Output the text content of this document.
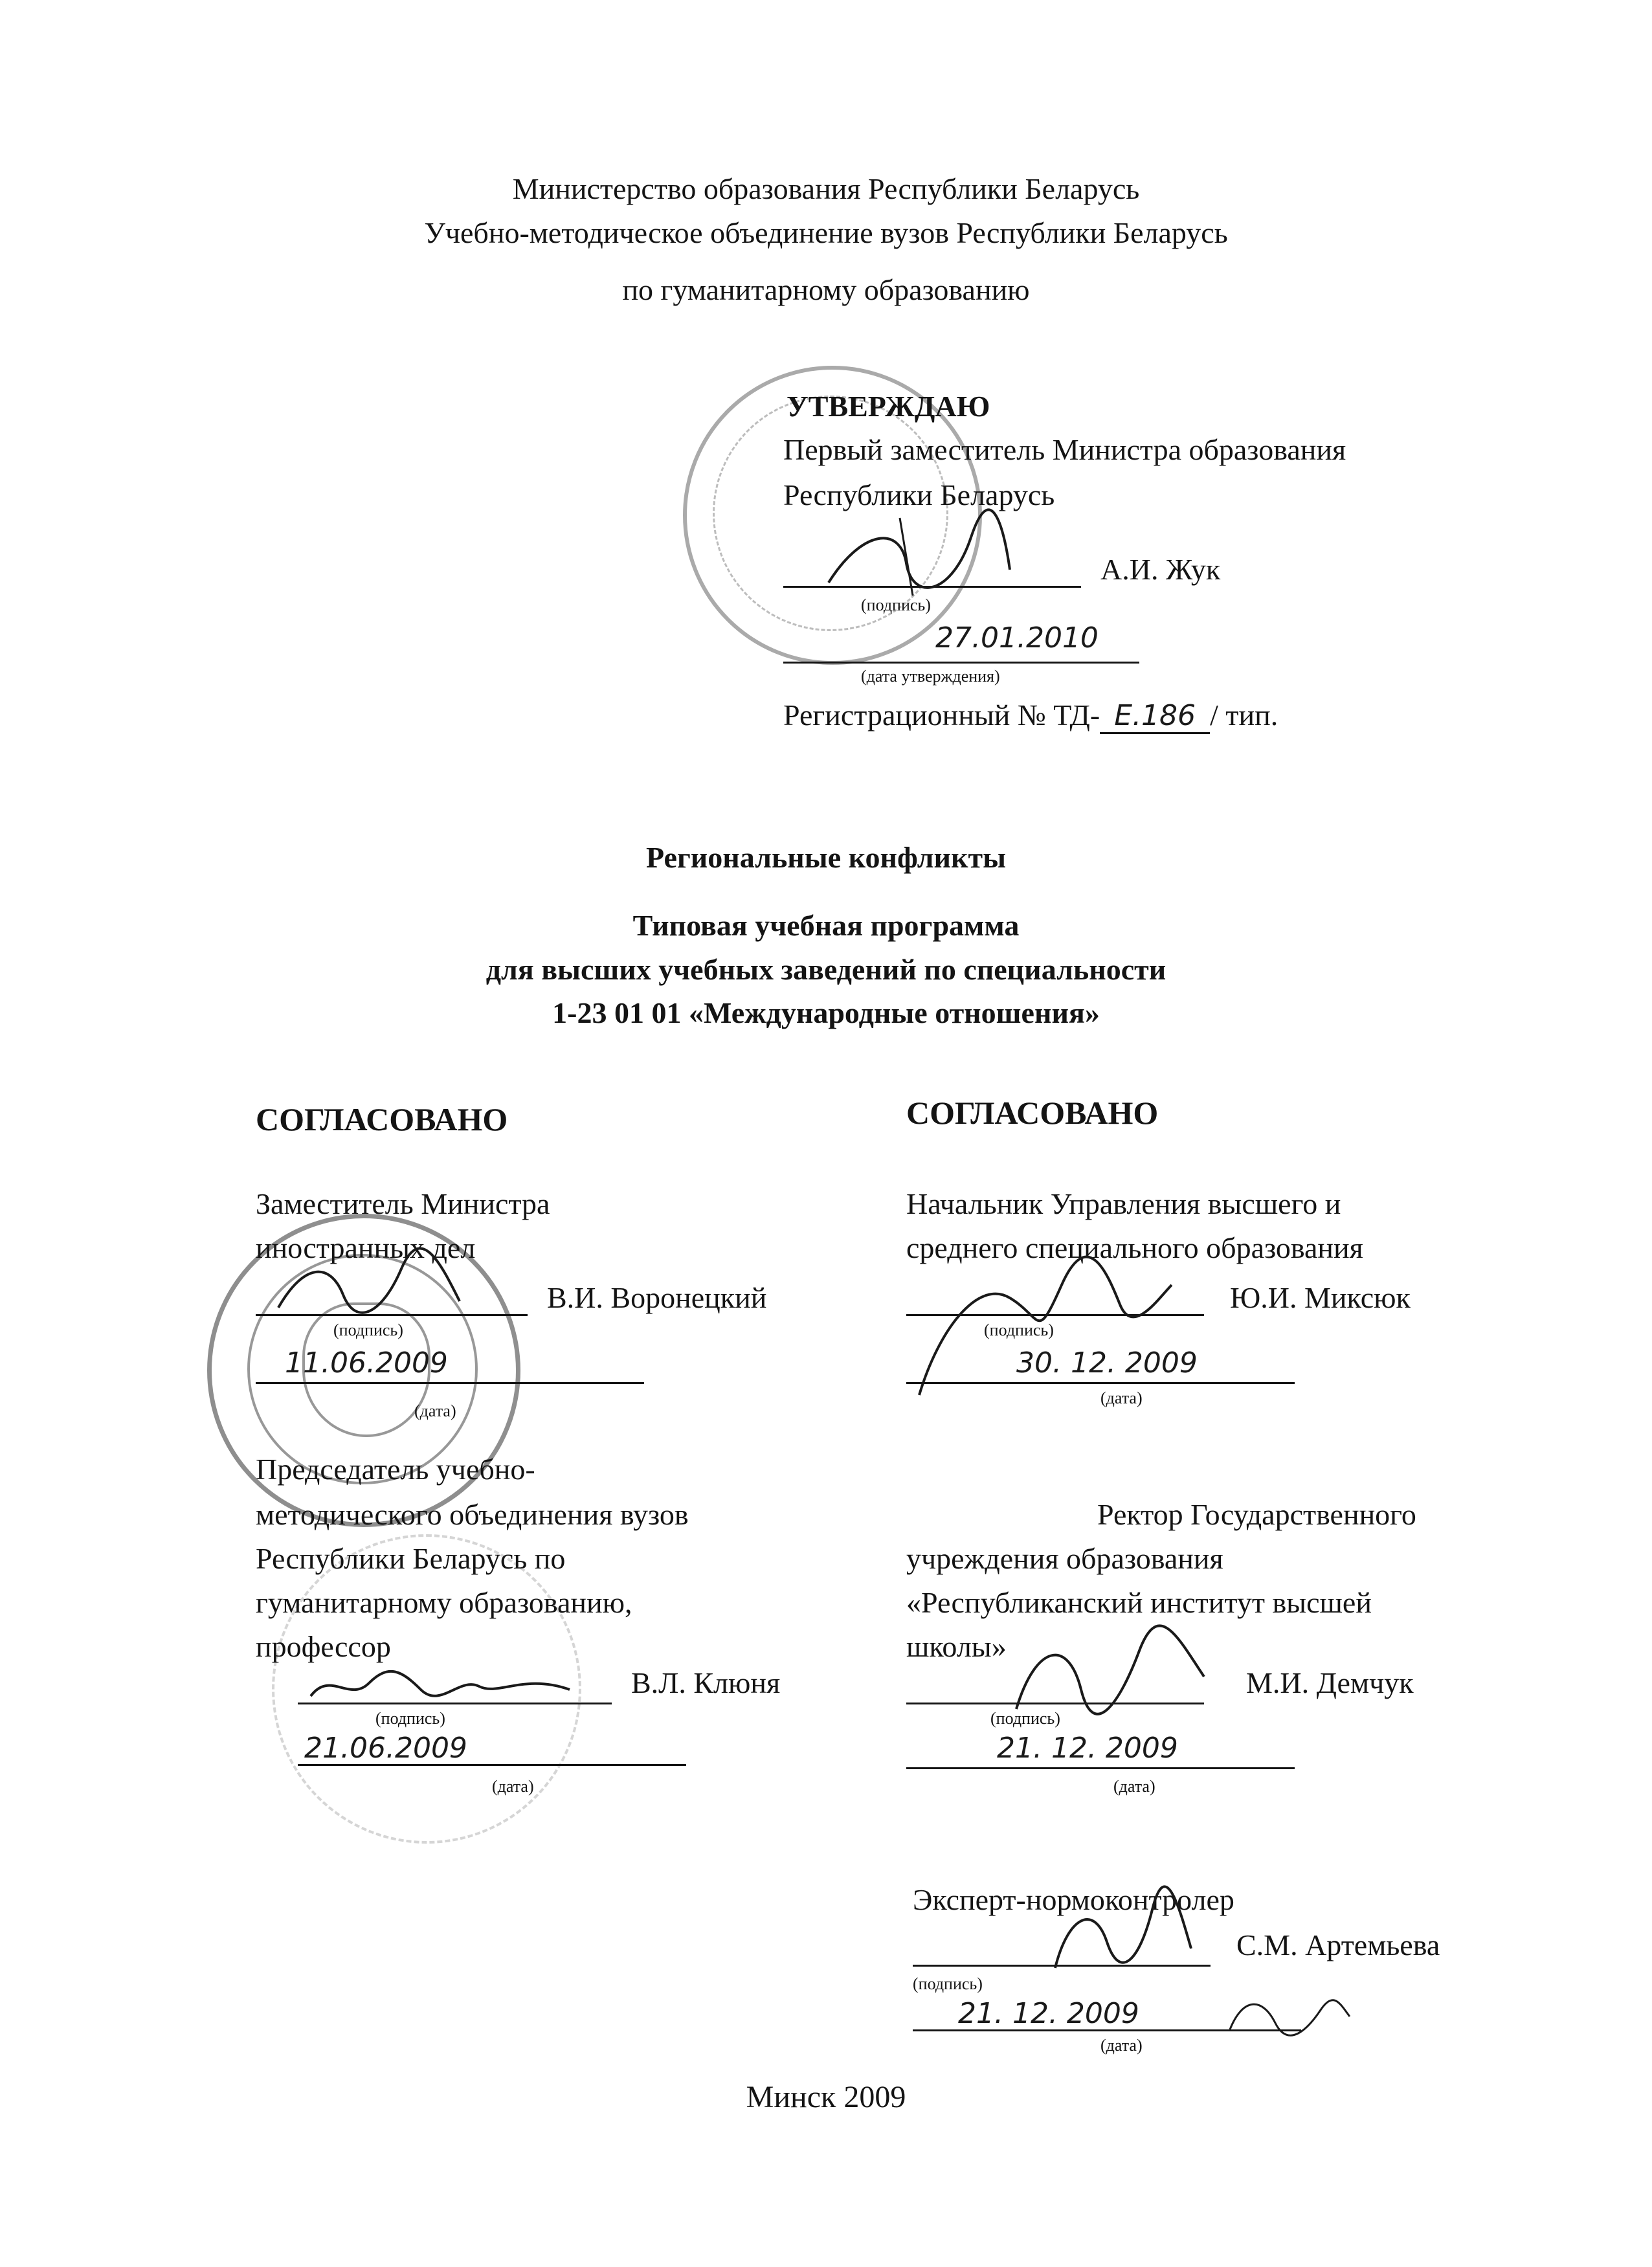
Министерство образования Республики Беларусь
Учебно-методическое объединение вузов Республики Беларусь
по гуманитарному образованию
УТВЕРЖДАЮ
Первый заместитель Министра образования
Республики Беларусь
А.И. Жук
(подпись)
27.01.2010
(дата утверждения)
Регистрационный № ТД- Е.186 / тип.
Региональные конфликты
Типовая учебная программа
для высших учебных заведений по специальности
1-23 01 01 «Международные отношения»
СОГЛАСОВАНО
Заместитель Министра
иностранных дел
В.И. Воронецкий
(подпись)
11.06.2009
(дата)
Председатель учебно-
методического объединения вузов
Республики Беларусь по
гуманитарному образованию,
профессор
В.Л. Клюня
(подпись)
21.06.2009
(дата)
СОГЛАСОВАНО
Начальник Управления высшего и
среднего специального образования
Ю.И. Миксюк
(подпись)
30. 12. 2009
(дата)
Ректор Государственного
учреждения образования
«Республиканский институт высшей
школы»
М.И. Демчук
(подпись)
21. 12. 2009
(дата)
Эксперт-нормоконтролер
С.М. Артемьева
(подпись)
21. 12. 2009
(дата)
Минск 2009
